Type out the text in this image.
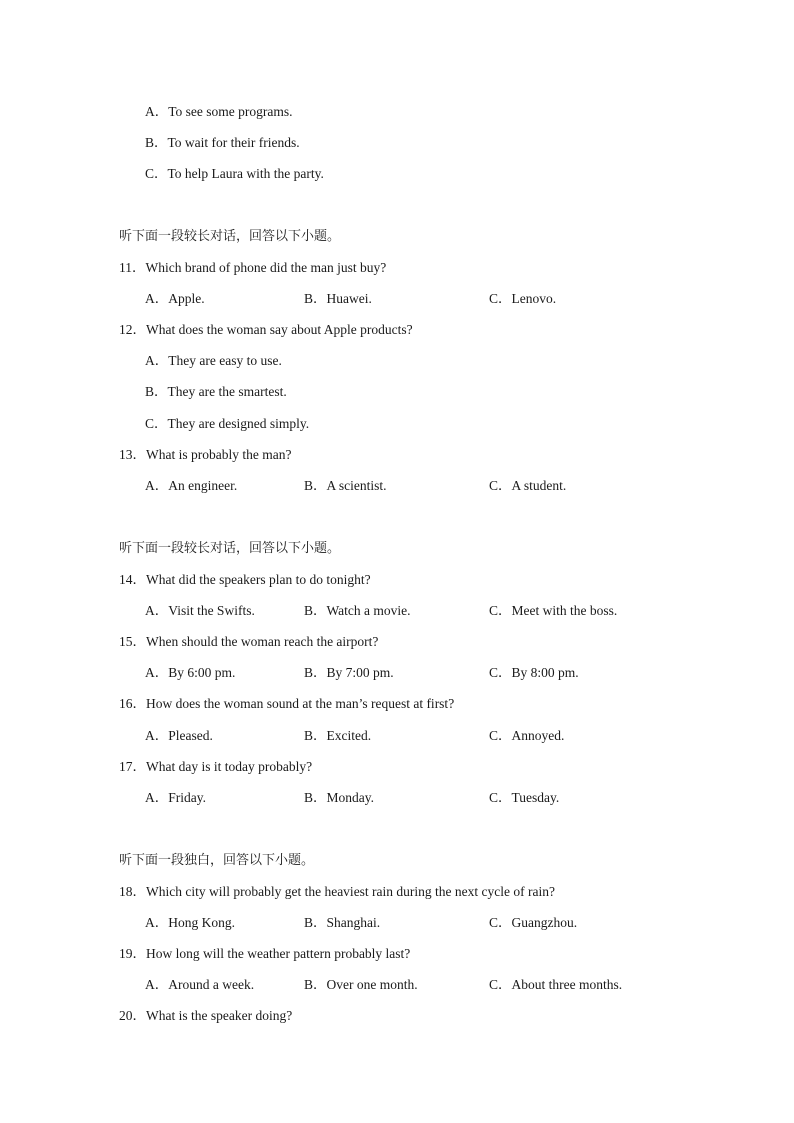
A．To see some programs.
B．To wait for their friends.
C．To help Laura with the party.
听下面一段较长对话，回答以下小题。
11．Which brand of phone did the man just buy?
A．Apple.	B．Huawei.	C．Lenovo.
12．What does the woman say about Apple products?
A．They are easy to use.
B．They are the smartest.
C．They are designed simply.
13．What is probably the man?
A．An engineer.	B．A scientist.	C．A student.
听下面一段较长对话，回答以下小题。
14．What did the speakers plan to do tonight?
A．Visit the Swifts.	B．Watch a movie.	C．Meet with the boss.
15．When should the woman reach the airport?
A．By 6:00 pm.	B．By 7:00 pm.	C．By 8:00 pm.
16．How does the woman sound at the man’s request at first?
A．Pleased.	B．Excited.	C．Annoyed.
17．What day is it today probably?
A．Friday.	B．Monday.	C．Tuesday.
听下面一段独白，回答以下小题。
18．Which city will probably get the heaviest rain during the next cycle of rain?
A．Hong Kong.	B．Shanghai.	C．Guangzhou.
19．How long will the weather pattern probably last?
A．Around a week.	B．Over one month.	C．About three months.
20．What is the speaker doing?
